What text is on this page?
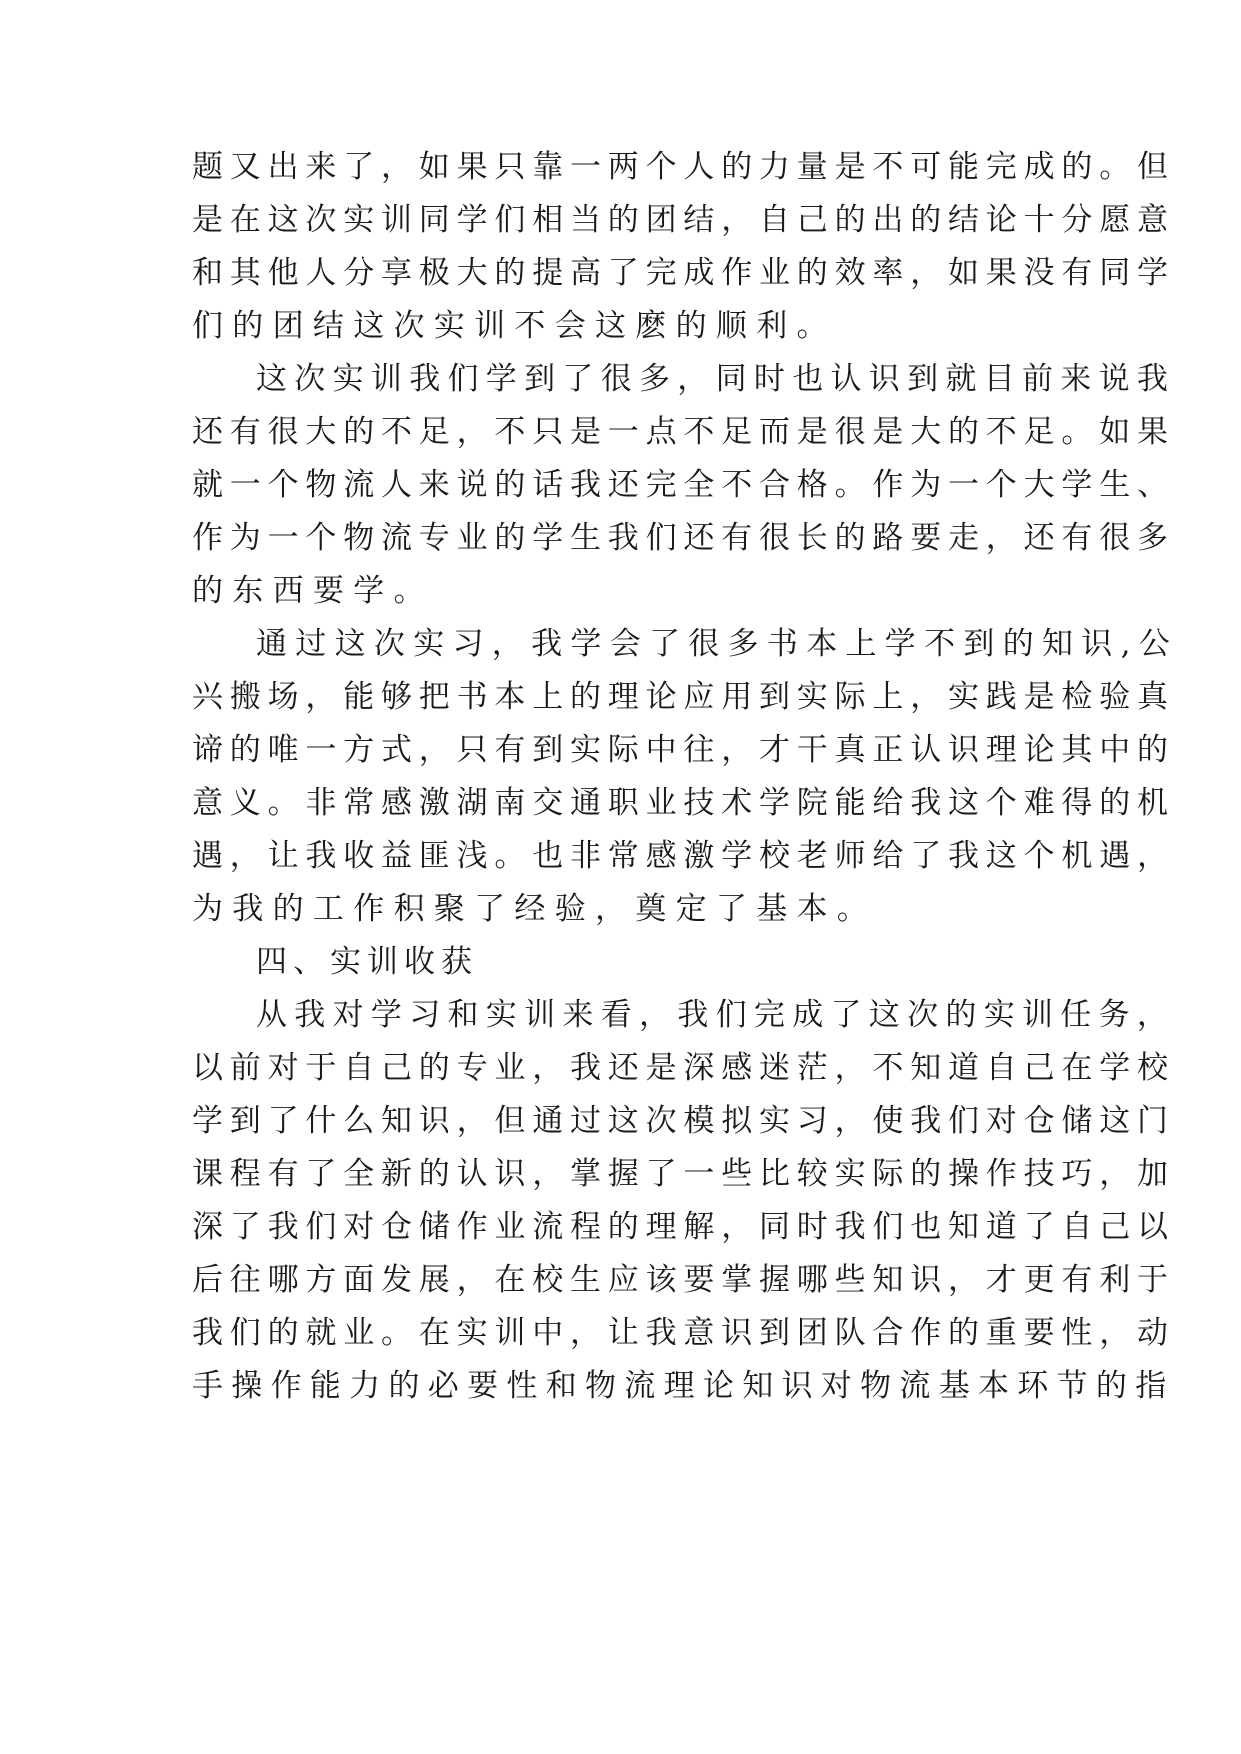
题又出来了，如果只靠一两个人的力量是不可能完成的。但
是在这次实训同学们相当的团结，自己的出的结论十分愿意
和其他人分享极大的提高了完成作业的效率，如果没有同学
们的团结这次实训不会这麽的顺利。
这次实训我们学到了很多，同时也认识到就目前来说我
还有很大的不足，不只是一点不足而是很是大的不足。如果
就一个物流人来说的话我还完全不合格。作为一个大学生、
作为一个物流专业的学生我们还有很长的路要走，还有很多
的东西要学。
通过这次实习，我学会了很多书本上学不到的知识,公
兴搬场，能够把书本上的理论应用到实际上，实践是检验真
谛的唯一方式，只有到实际中往，才干真正认识理论其中的
意义。非常感激湖南交通职业技术学院能给我这个难得的机
遇，让我收益匪浅。也非常感激学校老师给了我这个机遇，
为我的工作积聚了经验，奠定了基本。
四、实训收获
从我对学习和实训来看，我们完成了这次的实训任务，
以前对于自己的专业，我还是深感迷茫，不知道自己在学校
学到了什么知识，但通过这次模拟实习，使我们对仓储这门
课程有了全新的认识，掌握了一些比较实际的操作技巧，加
深了我们对仓储作业流程的理解，同时我们也知道了自己以
后往哪方面发展，在校生应该要掌握哪些知识，才更有利于
我们的就业。在实训中，让我意识到团队合作的重要性，动
手操作能力的必要性和物流理论知识对物流基本环节的指
